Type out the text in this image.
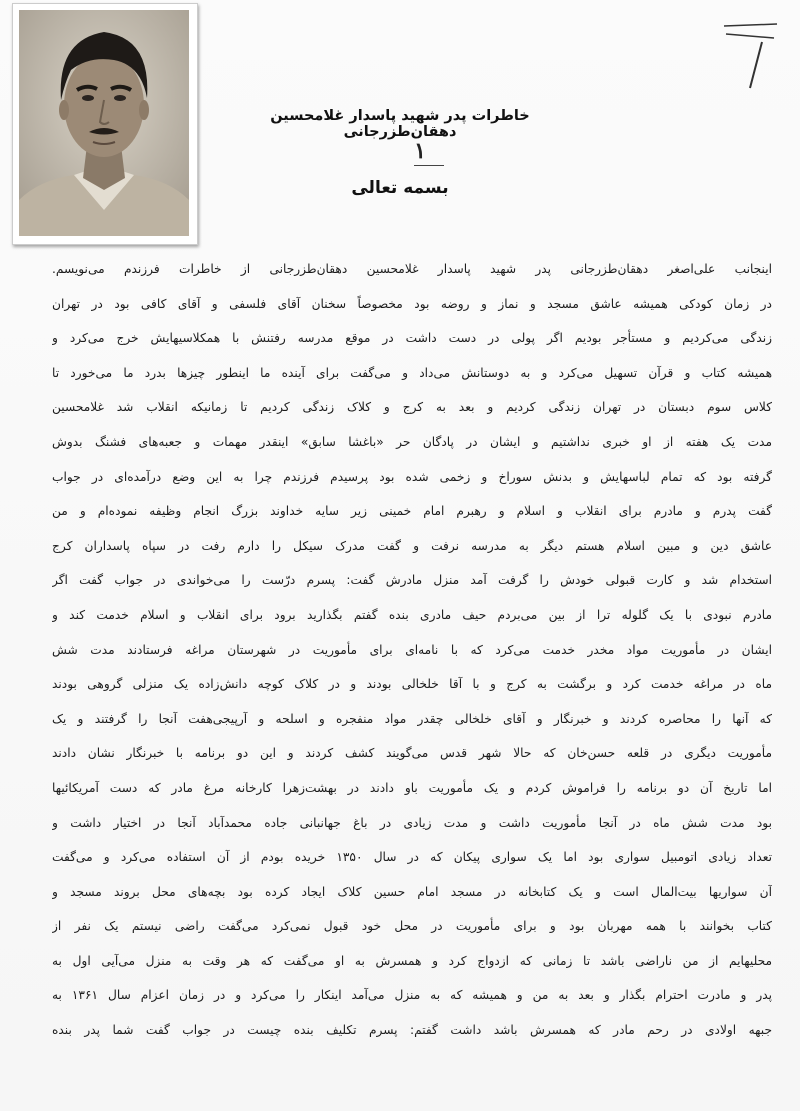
خاطرات پدر شهید پاسدار غلامحسین دهقان‌طزرجانی
۱
بسمه تعالی
اینجانب علی‌اصغر دهقان‌طزرجانی پدر شهید پاسدار غلامحسین دهقان‌طزرجانی از خاطرات فرزندم می‌نویسم.
در زمان کودکی همیشه عاشق مسجد و نماز و روضه بود مخصوصاً سخنان آقای فلسفی و آقای کافی بود در تهران
زندگی می‌کردیم و مستأجر بودیم اگر پولی در دست داشت در موقع مدرسه رفتنش با همکلاسیهایش خرج می‌کرد و
همیشه کتاب و قرآن تسهیل می‌کرد و به دوستانش می‌داد و می‌گفت برای آینده ما اینطور چیزها بدرد ما می‌خورد تا
کلاس سوم دبستان در تهران زندگی کردیم و بعد به کرج و کلاک زندگی کردیم تا زمانیکه انقلاب شد غلامحسین
مدت یک هفته از او خبری نداشتیم و ایشان در پادگان حر «باغشا سابق» اینقدر مهمات و جعبه‌های فشنگ بدوش
گرفته بود که تمام لباسهایش و بدنش سوراخ و زخمی شده بود پرسیدم فرزندم چرا به این وضع درآمده‌ای در جواب
گفت پدرم و مادرم برای انقلاب و اسلام و رهبرم امام خمینی زیر سایه خداوند بزرگ انجام وظیفه نموده‌ام و من
عاشق دین و مبین اسلام هستم دیگر به مدرسه نرفت و گفت مدرک سیکل را دارم رفت در سپاه پاسداران کرج
استخدام شد و کارت قبولی خودش را گرفت آمد منزل مادرش گفت: پسرم درّست را می‌خواندی در جواب گفت اگر
مادرم نبودی با یک گلوله ترا از بین می‌بردم حیف مادری بنده گفتم بگذارید برود برای انقلاب و اسلام خدمت کند و
ایشان در مأموریت مواد مخدر خدمت می‌کرد که با نامه‌ای برای مأموریت در شهرستان مراغه فرستادند مدت شش
ماه در مراغه خدمت کرد و برگشت به کرج و با آقا خلخالی بودند و در کلاک کوچه دانش‌زاده یک منزلی گروهی بودند
که آنها را محاصره کردند و خبرنگار و آقای خلخالی چقدر مواد منفجره و اسلحه و آرپیجی‌هفت آنجا را گرفتند و یک
مأموریت دیگری در قلعه حسن‌خان که حالا شهر قدس می‌گویند کشف کردند و این دو برنامه با خبرنگار نشان دادند
اما تاریخ آن دو برنامه را فراموش کردم و یک مأموریت باو دادند در بهشت‌زهرا کارخانه مرغ مادر که دست آمریکائیها
بود مدت شش ماه در آنجا مأموریت داشت و مدت زیادی در باغ جهانبانی جاده محمدآباد آنجا در اختیار داشت و
تعداد زیادی اتومبیل سواری بود اما یک سواری پیکان که در سال ۱۳۵۰ خریده بودم از آن استفاده می‌کرد و می‌گفت
آن سواریها بیت‌المال است و یک کتابخانه در مسجد امام حسین کلاک ایجاد کرده بود بچه‌های محل بروند مسجد و
کتاب بخوانند با همه مهربان بود و برای مأموریت در محل خود قبول نمی‌کرد می‌گفت راضی نیستم یک نفر از
محلیهایم از من ناراضی باشد تا زمانی که ازدواج کرد و همسرش به او می‌گفت که هر وقت به منزل می‌آیی اول به
پدر و مادرت احترام بگذار و بعد به من و همیشه که به منزل می‌آمد اینکار را می‌کرد و در زمان اعزام سال ۱۳۶۱ به
جبهه اولادی در رحم مادر که همسرش باشد داشت گفتم: پسرم تکلیف بنده چیست در جواب گفت شما پدر بنده
